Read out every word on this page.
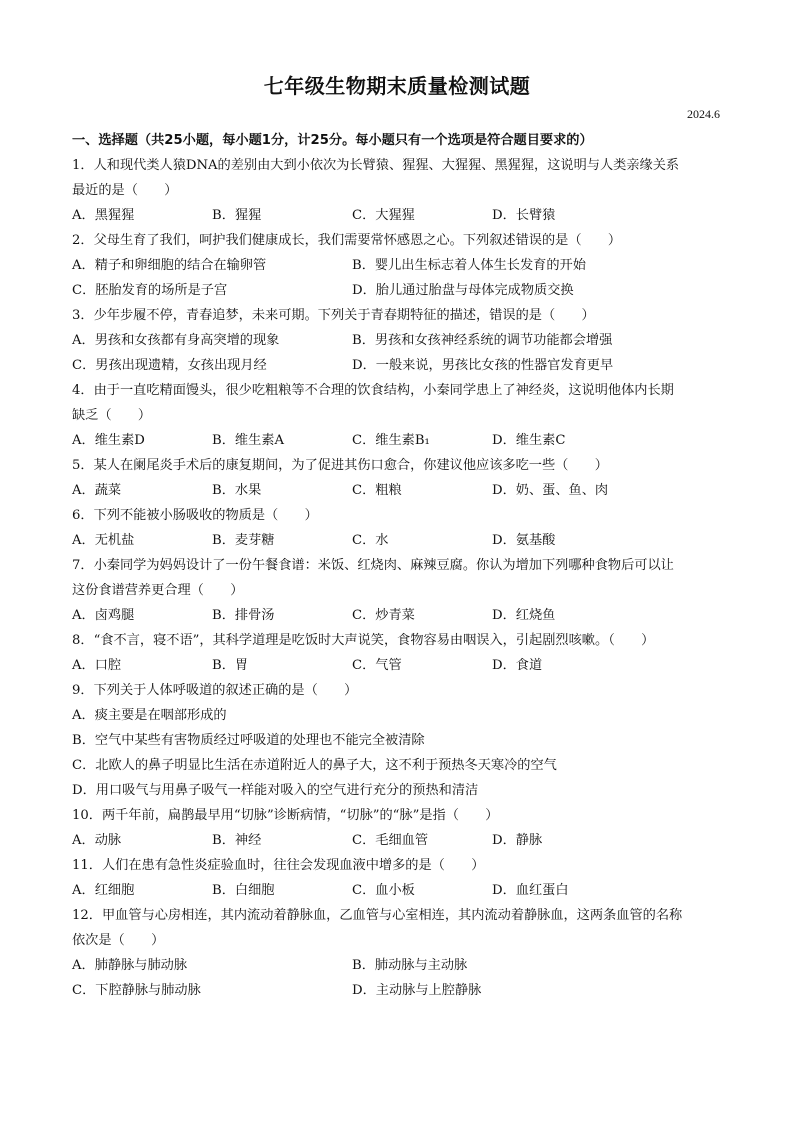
七年级生物期末质量检测试题
2024.6
一、选择题（共25小题，每小题1分，计25分。每小题只有一个选项是符合题目要求的）
1．人和现代类人猿DNA的差别由大到小依次为长臂猿、猩猩、大猩猩、黑猩猩，这说明与人类亲缘关系
最近的是（　　）
A．黑猩猩	B．猩猩	C．大猩猩	D．长臂猿
2．父母生育了我们，呵护我们健康成长，我们需要常怀感恩之心。下列叙述错误的是（　　）
A．精子和卵细胞的结合在输卵管	B．婴儿出生标志着人体生长发育的开始
C．胚胎发育的场所是子宫	D．胎儿通过胎盘与母体完成物质交换
3．少年步履不停，青春追梦，未来可期。下列关于青春期特征的描述，错误的是（　　）
A．男孩和女孩都有身高突增的现象	B．男孩和女孩神经系统的调节功能都会增强
C．男孩出现遗精，女孩出现月经	D．一般来说，男孩比女孩的性器官发育更早
4．由于一直吃精面馒头，很少吃粗粮等不合理的饮食结构，小秦同学患上了神经炎，这说明他体内长期
缺乏（　　）
A．维生素D	B．维生素A	C．维生素B₁	D．维生素C
5．某人在阑尾炎手术后的康复期间，为了促进其伤口愈合，你建议他应该多吃一些（　　）
A．蔬菜	B．水果	C．粗粮	D．奶、蛋、鱼、肉
6．下列不能被小肠吸收的物质是（　　）
A．无机盐	B．麦芽糖	C．水	D．氨基酸
7．小秦同学为妈妈设计了一份午餐食谱：米饭、红烧肉、麻辣豆腐。你认为增加下列哪种食物后可以让
这份食谱营养更合理（　　）
A．卤鸡腿	B．排骨汤	C．炒青菜	D．红烧鱼
8．“食不言，寝不语”，其科学道理是吃饭时大声说笑，食物容易由咽误入，引起剧烈咳嗽。（　　）
A．口腔	B．胃	C．气管	D．食道
9．下列关于人体呼吸道的叙述正确的是（　　）
A．痰主要是在咽部形成的
B．空气中某些有害物质经过呼吸道的处理也不能完全被清除
C．北欧人的鼻子明显比生活在赤道附近人的鼻子大，这不利于预热冬天寒冷的空气
D．用口吸气与用鼻子吸气一样能对吸入的空气进行充分的预热和清洁
10．两千年前，扁鹊最早用“切脉”诊断病情，“切脉”的“脉”是指（　　）
A．动脉	B．神经	C．毛细血管	D．静脉
11．人们在患有急性炎症验血时，往往会发现血液中增多的是（　　）
A．红细胞	B．白细胞	C．血小板	D．血红蛋白
12．甲血管与心房相连，其内流动着静脉血，乙血管与心室相连，其内流动着静脉血，这两条血管的名称
依次是（　　）
A．肺静脉与肺动脉	B．肺动脉与主动脉
C．下腔静脉与肺动脉	D．主动脉与上腔静脉
